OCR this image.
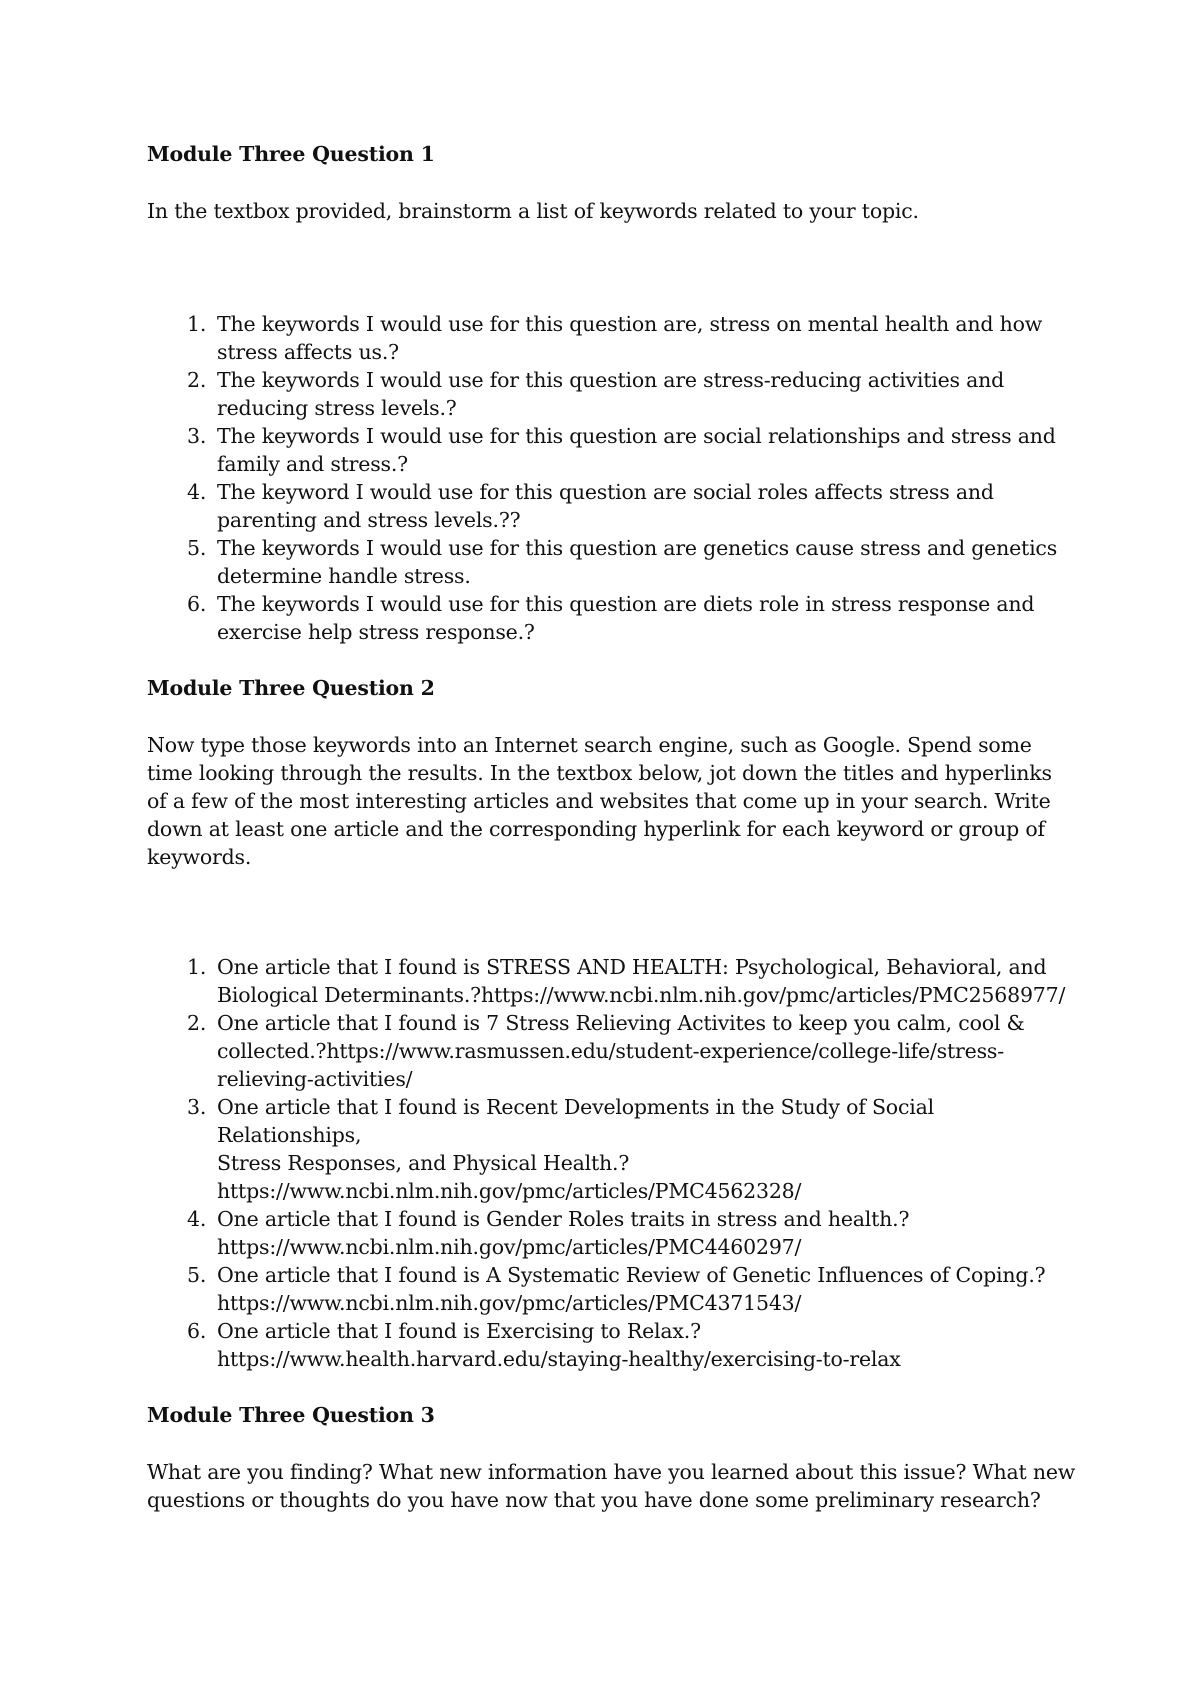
Module Three Question 1
In the textbox provided, brainstorm a list of keywords related to your topic.
1. The keywords I would use for this question are, stress on mental health and how stress affects us.?
2. The keywords I would use for this question are stress-reducing activities and reducing stress levels.?
3. The keywords I would use for this question are social relationships and stress and family and stress.?
4. The keyword I would use for this question are social roles affects stress and parenting and stress levels.??
5. The keywords I would use for this question are genetics cause stress and genetics determine handle stress.
6. The keywords I would use for this question are diets role in stress response and exercise help stress response.?
Module Three Question 2
Now type those keywords into an Internet search engine, such as Google. Spend some time looking through the results. In the textbox below, jot down the titles and hyperlinks of a few of the most interesting articles and websites that come up in your search. Write down at least one article and the corresponding hyperlink for each keyword or group of keywords.
1. One article that I found is STRESS AND HEALTH: Psychological, Behavioral, and
Biological Determinants.?https://www.ncbi.nlm.nih.gov/pmc/articles/PMC2568977/
2. One article that I found is 7 Stress Relieving Activites to keep you calm, cool &
collected.?https://www.rasmussen.edu/student-experience/college-life/stress-
relieving-activities/
3. One article that I found is Recent Developments in the Study of Social Relationships,
Stress Responses, and Physical Health.?
https://www.ncbi.nlm.nih.gov/pmc/articles/PMC4562328/
4. One article that I found is Gender Roles traits in stress and health.?
https://www.ncbi.nlm.nih.gov/pmc/articles/PMC4460297/
5. One article that I found is A Systematic Review of Genetic Influences of Coping.?
https://www.ncbi.nlm.nih.gov/pmc/articles/PMC4371543/
6. One article that I found is Exercising to Relax.?
https://www.health.harvard.edu/staying-healthy/exercising-to-relax
Module Three Question 3
What are you finding? What new information have you learned about this issue? What new questions or thoughts do you have now that you have done some preliminary research?
